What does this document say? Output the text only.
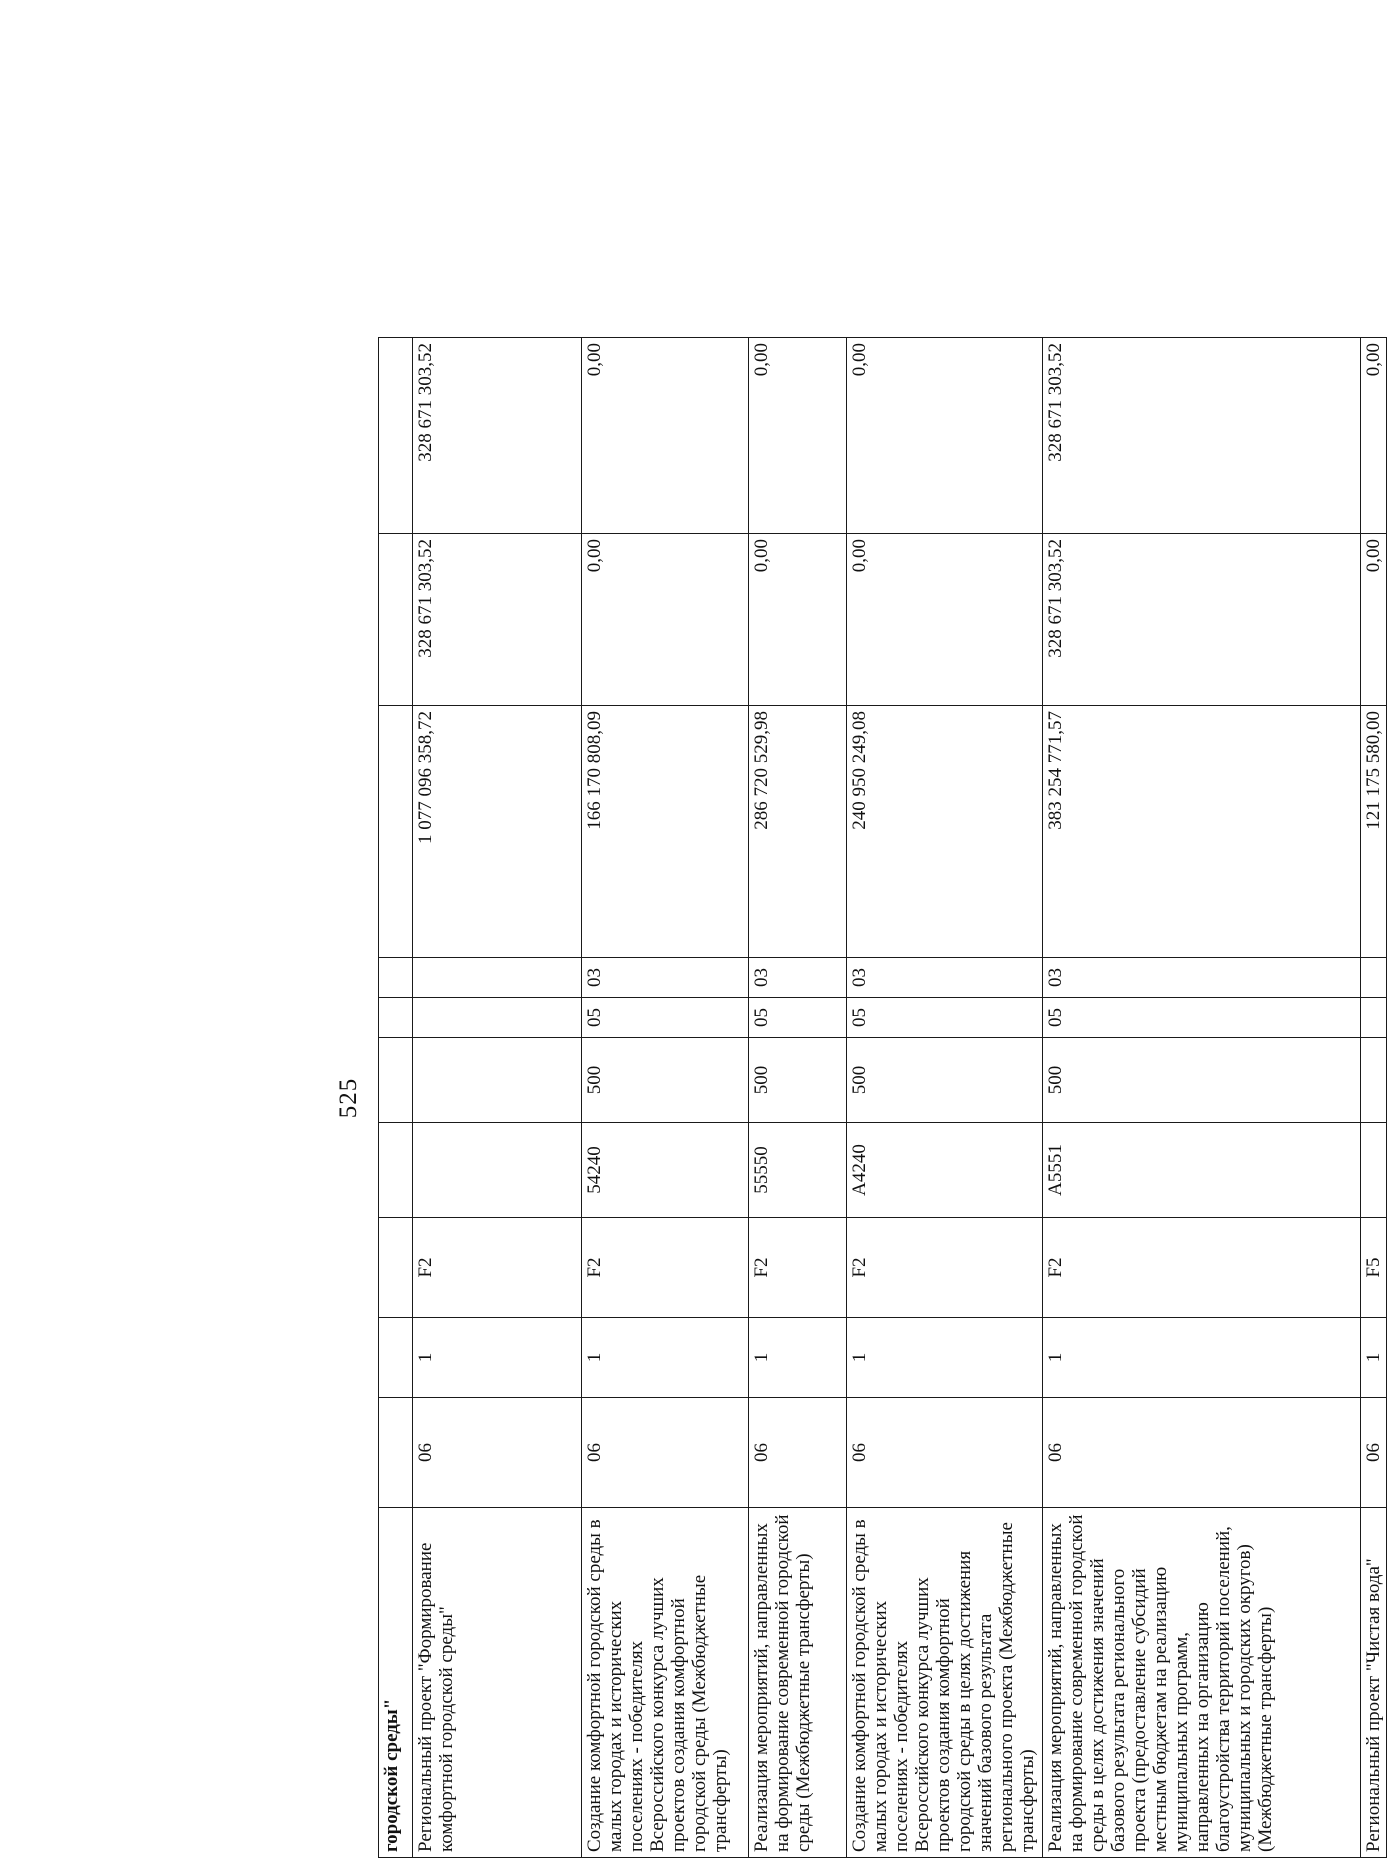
525
городской среды"										
Региональный проект "Формирование комфортной городской среды"	06	1	F2					1 077 096 358,72	328 671 303,52	328 671 303,52
Создание комфортной городской среды в малых городах и исторических поселениях - победителях Всероссийского конкурса лучших проектов создания комфортной городской среды (Межбюджетные трансферты)	06	1	F2	54240	500	05	03	166 170 808,09	0,00	0,00
Реализация мероприятий, направленных на формирование современной городской среды (Межбюджетные трансферты)	06	1	F2	55550	500	05	03	286 720 529,98	0,00	0,00
Создание комфортной городской среды в малых городах и исторических поселениях - победителях Всероссийского конкурса лучших проектов создания комфортной городской среды в целях достижения значений базового результата регионального проекта (Межбюджетные трансферты)	06	1	F2	A4240	500	05	03	240 950 249,08	0,00	0,00
Реализация мероприятий, направленных на формирование современной городской среды в целях достижения значений базового результата регионального проекта (предоставление субсидий местным бюджетам на реализацию муниципальных программ, направленных на организацию благоустройства территорий поселений, муниципальных и городских округов) (Межбюджетные трансферты)	06	1	F2	A5551	500	05	03	383 254 771,57	328 671 303,52	328 671 303,52
Региональный проект "Чистая вода"	06	1	F5					121 175 580,00	0,00	0,00
